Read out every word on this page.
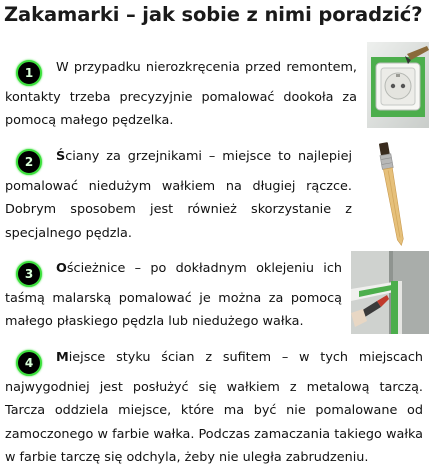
Zakamarki – jak sobie z nimi poradzić?
1 W przypadku nierozkręcenia przed remontem, kontakty trzeba precyzyjnie pomalować dookoła za pomocą małego pędzelka.
2 Ściany za grzejnikami – miejsce to najlepiej pomalować niedużym wałkiem na długiej rączce. Dobrym sposobem jest również skorzystanie z specjalnego pędzla.
3 Ościeżnice – po dokładnym oklejeniu ich taśmą malarską pomalować je można za pomocą małego płaskiego pędzla lub niedużego wałka.
4 Miejsce styku ścian z sufitem – w tych miejscach najwygodniej jest posłużyć się wałkiem z metalową tarczą. Tarcza oddziela miejsce, które ma być nie pomalowane od zamoczonego w farbie wałka. Podczas zamaczania takiego wałka w farbie tarczę się odchyla, żeby nie uległa zabrudzeniu.
